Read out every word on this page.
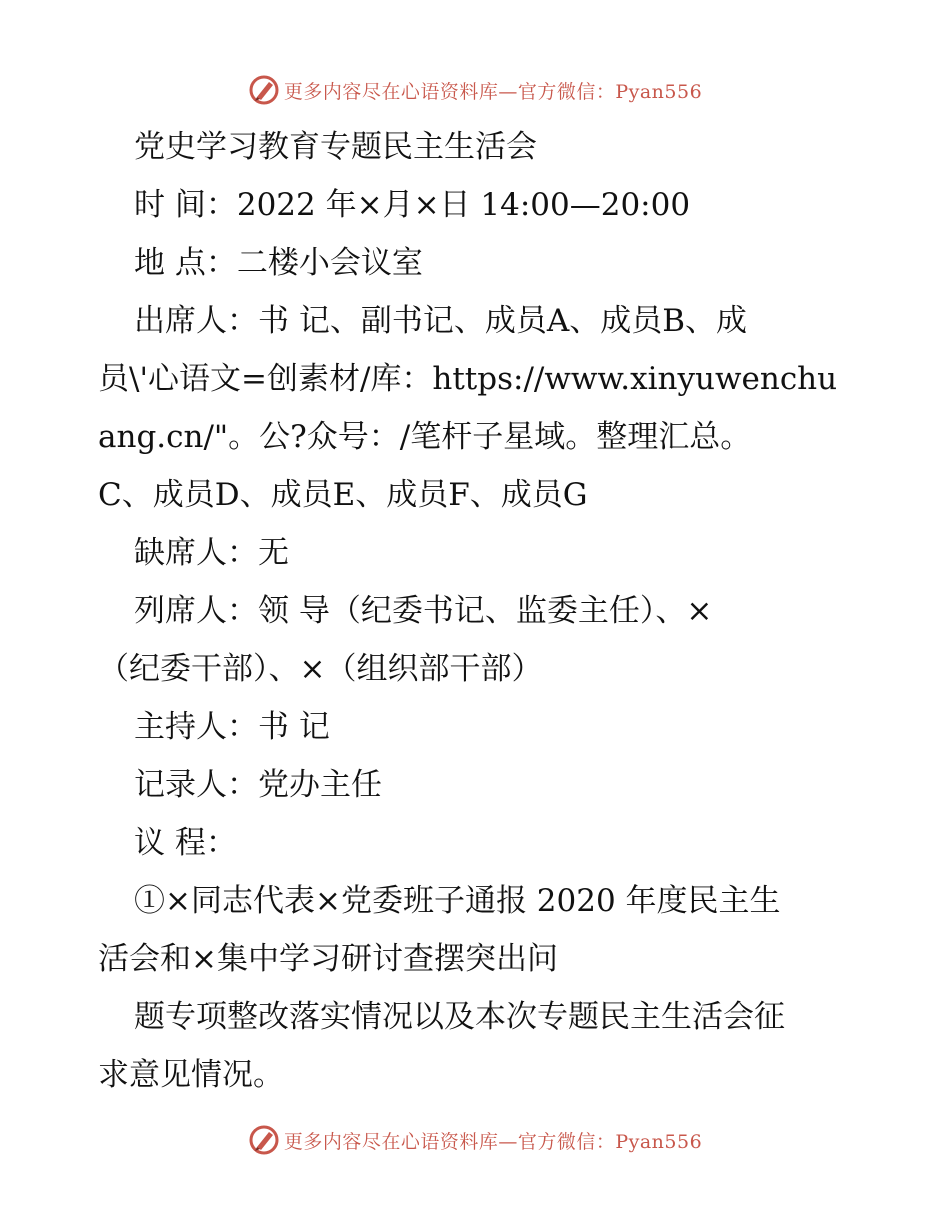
更多内容尽在心语资料库—官方微信：Pyan556
党史学习教育专题民主生活会
时 间：2022 年×月×日 14:00—20:00
地 点：二楼小会议室
出席人：书 记、副书记、成员A、成员B、成
员\'心语文=创素材/库：https://www.xinyuwenchu
ang.cn/"。公?众号：/笔杆子星域。整理汇总。
C、成员D、成员E、成员F、成员G
缺席人：无
列席人：领 导（纪委书记、监委主任）、×
（纪委干部）、×（组织部干部）
主持人：书 记
记录人：党办主任
议 程：
①×同志代表×党委班子通报 2020 年度民主生
活会和×集中学习研讨查摆突出问
题专项整改落实情况以及本次专题民主生活会征
求意见情况。
更多内容尽在心语资料库—官方微信：Pyan556
